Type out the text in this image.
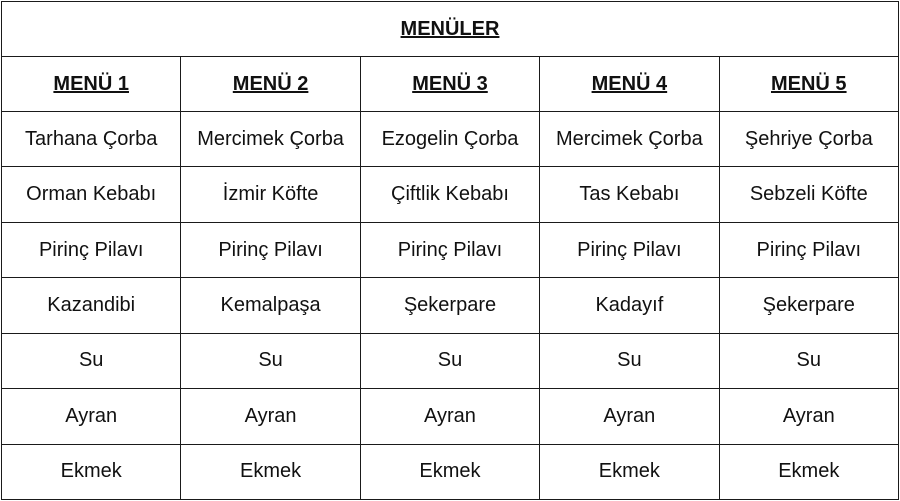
MENÜLER				
MENÜ 1	MENÜ 2	MENÜ 3	MENÜ 4	MENÜ 5
Tarhana Çorba	Mercimek Çorba	Ezogelin Çorba	Mercimek Çorba	Şehriye Çorba
Orman Kebabı	İzmir Köfte	Çiftlik Kebabı	Tas Kebabı	Sebzeli Köfte
Pirinç Pilavı	Pirinç Pilavı	Pirinç Pilavı	Pirinç Pilavı	Pirinç Pilavı
Kazandibi	Kemalpaşa	Şekerpare	Kadayıf	Şekerpare
Su	Su	Su	Su	Su
Ayran	Ayran	Ayran	Ayran	Ayran
Ekmek	Ekmek	Ekmek	Ekmek	Ekmek
